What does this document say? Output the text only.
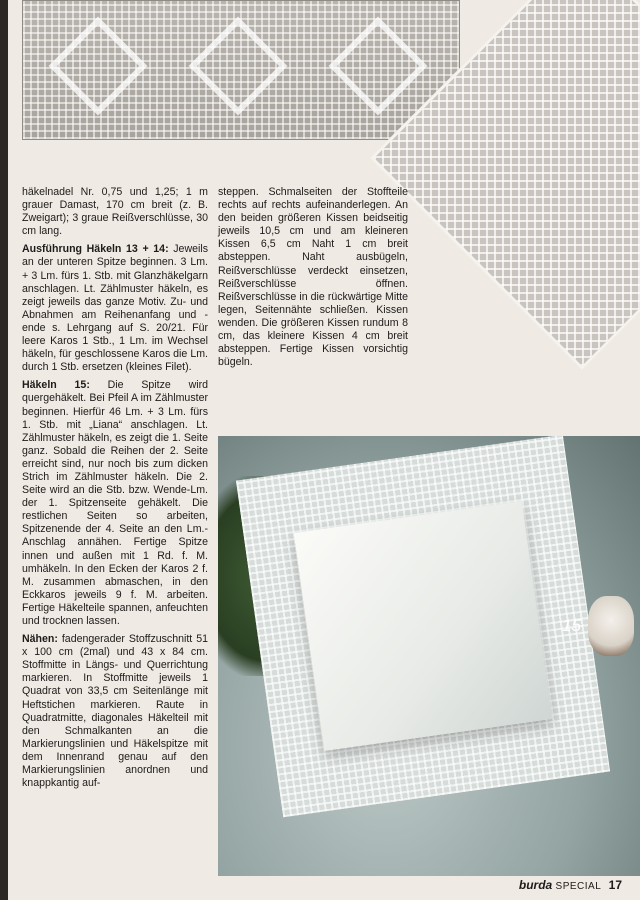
häkelnadel Nr. 0,75 und 1,25; 1 m grauer Damast, 170 cm breit (z. B. Zweigart); 3 graue Reißverschlüsse, 30 cm lang.

Ausführung Häkeln 13 + 14: Jeweils an der unteren Spitze beginnen. 3 Lm. + 3 Lm. fürs 1. Stb. mit Glanzhäkelgarn anschlagen. Lt. Zählmuster häkeln, es zeigt jeweils das ganze Motiv. Zu- und Abnahmen am Reihenanfang und -ende s. Lehrgang auf S. 20/21. Für leere Karos 1 Stb., 1 Lm. im Wechsel häkeln, für geschlossene Karos die Lm. durch 1 Stb. ersetzen (kleines Filet).

Häkeln 15: Die Spitze wird quergehäkelt. Bei Pfeil A im Zählmuster beginnen. Hierfür 46 Lm. + 3 Lm. fürs 1. Stb. mit „Liana“ anschlagen. Lt. Zählmuster häkeln, es zeigt die 1. Seite ganz. Sobald die Reihen der 2. Seite erreicht sind, nur noch bis zum dicken Strich im Zählmuster häkeln. Die 2. Seite wird an die Stb. bzw. Wende-Lm. der 1. Spitzenseite gehäkelt. Die restlichen Seiten so arbeiten, Spitzenende der 4. Seite an den Lm.-Anschlag annähen. Fertige Spitze innen und außen mit 1 Rd. f. M. umhäkeln. In den Ecken der Karos 2 f. M. zusammen abmaschen, in den Eckkaros jeweils 9 f. M. arbeiten. Fertige Häkelteile spannen, anfeuchten und trocknen lassen.

Nähen: fadengerader Stoffzuschnitt 51 x 100 cm (2mal) und 43 x 84 cm. Stoffmitte in Längs- und Querrichtung markieren. In Stoffmitte jeweils 1 Quadrat von 33,5 cm Seitenlänge mit Heftstichen markieren. Raute in Quadratmitte, diagonales Häkelteil mit den Schmalkanten an die Markierungslinien und Häkelspitze mit dem Innenrand genau auf den Markierungslinien anordnen und knappkantig auf-

steppen. Schmalseiten der Stoffteile rechts auf rechts aufeinanderlegen. An den beiden größeren Kissen beidseitig jeweils 10,5 cm und am kleineren Kissen 6,5 cm Naht 1 cm breit absteppen. Naht ausbügeln, Reißverschlüsse verdeckt einsetzen, Reißverschlüsse öffnen. Reißverschlüsse in die rückwärtige Mitte legen, Seitennähte schließen. Kissen wenden. Die größeren Kissen rundum 8 cm, das kleinere Kissen 4 cm breit absteppen. Fertige Kissen vorsichtig bügeln.

15
burda SPECIAL 17
